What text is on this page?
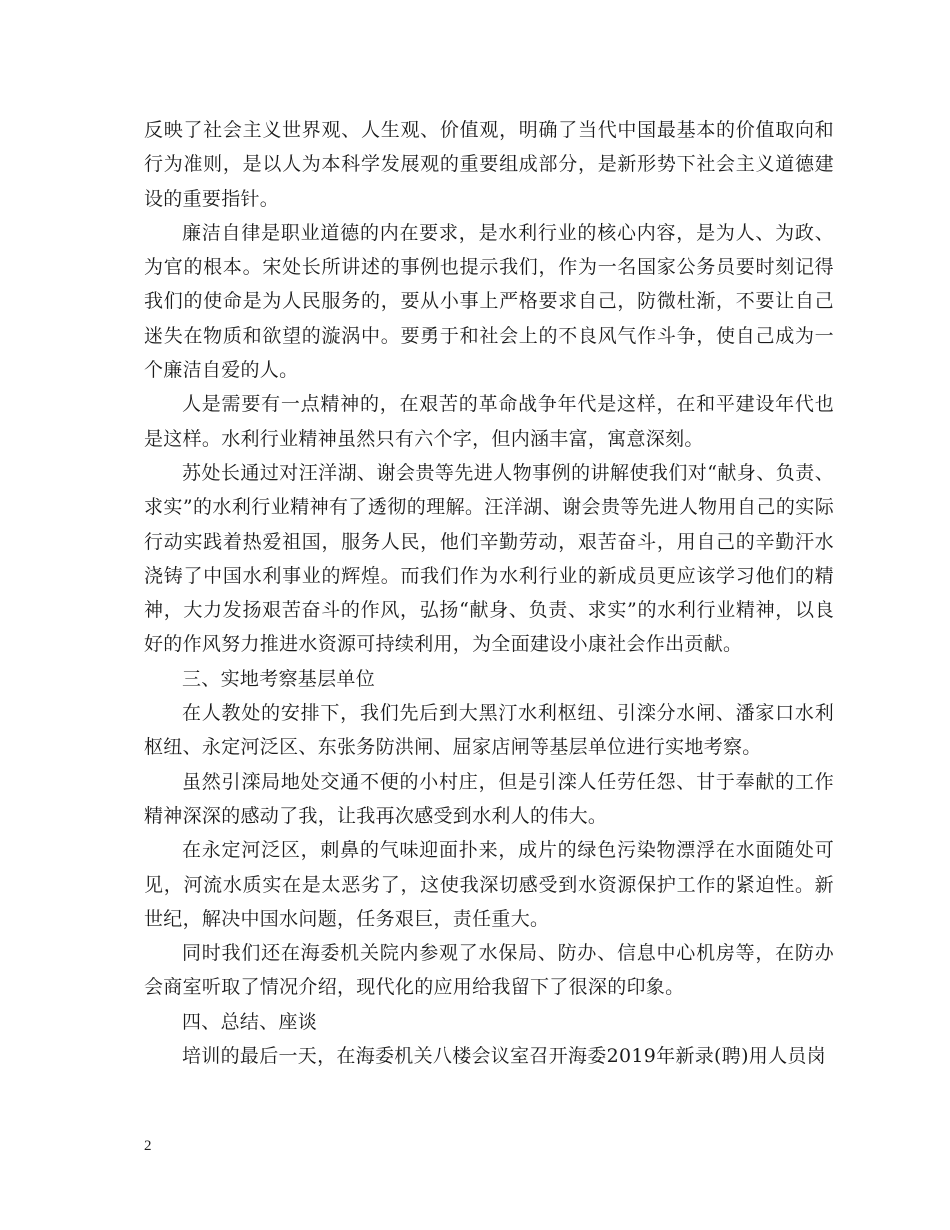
反映了社会主义世界观、人生观、价值观，明确了当代中国最基本的价值取向和行为准则，是以人为本科学发展观的重要组成部分，是新形势下社会主义道德建设的重要指针。

廉洁自律是职业道德的内在要求，是水利行业的核心内容，是为人、为政、为官的根本。宋处长所讲述的事例也提示我们，作为一名国家公务员要时刻记得我们的使命是为人民服务的，要从小事上严格要求自己，防微杜渐，不要让自己迷失在物质和欲望的漩涡中。要勇于和社会上的不良风气作斗争，使自己成为一个廉洁自爱的人。

人是需要有一点精神的，在艰苦的革命战争年代是这样，在和平建设年代也是这样。水利行业精神虽然只有六个字，但内涵丰富，寓意深刻。

苏处长通过对汪洋湖、谢会贵等先进人物事例的讲解使我们对“献身、负责、求实”的水利行业精神有了透彻的理解。汪洋湖、谢会贵等先进人物用自己的实际行动实践着热爱祖国，服务人民，他们辛勤劳动，艰苦奋斗，用自己的辛勤汗水浇铸了中国水利事业的辉煌。而我们作为水利行业的新成员更应该学习他们的精神，大力发扬艰苦奋斗的作风，弘扬“献身、负责、求实”的水利行业精神，以良好的作风努力推进水资源可持续利用，为全面建设小康社会作出贡献。

三、实地考察基层单位

在人教处的安排下，我们先后到大黑汀水利枢纽、引滦分水闸、潘家口水利枢纽、永定河泛区、东张务防洪闸、屈家店闸等基层单位进行实地考察。

虽然引滦局地处交通不便的小村庄，但是引滦人任劳任怨、甘于奉献的工作精神深深的感动了我，让我再次感受到水利人的伟大。

在永定河泛区，刺鼻的气味迎面扑来，成片的绿色污染物漂浮在水面随处可见，河流水质实在是太恶劣了，这使我深切感受到水资源保护工作的紧迫性。新世纪，解决中国水问题，任务艰巨，责任重大。

同时我们还在海委机关院内参观了水保局、防办、信息中心机房等，在防办会商室听取了情况介绍，现代化的应用给我留下了很深的印象。

四、总结、座谈

培训的最后一天，在海委机关八楼会议室召开海委2019年新录(聘)用人员岗

2
